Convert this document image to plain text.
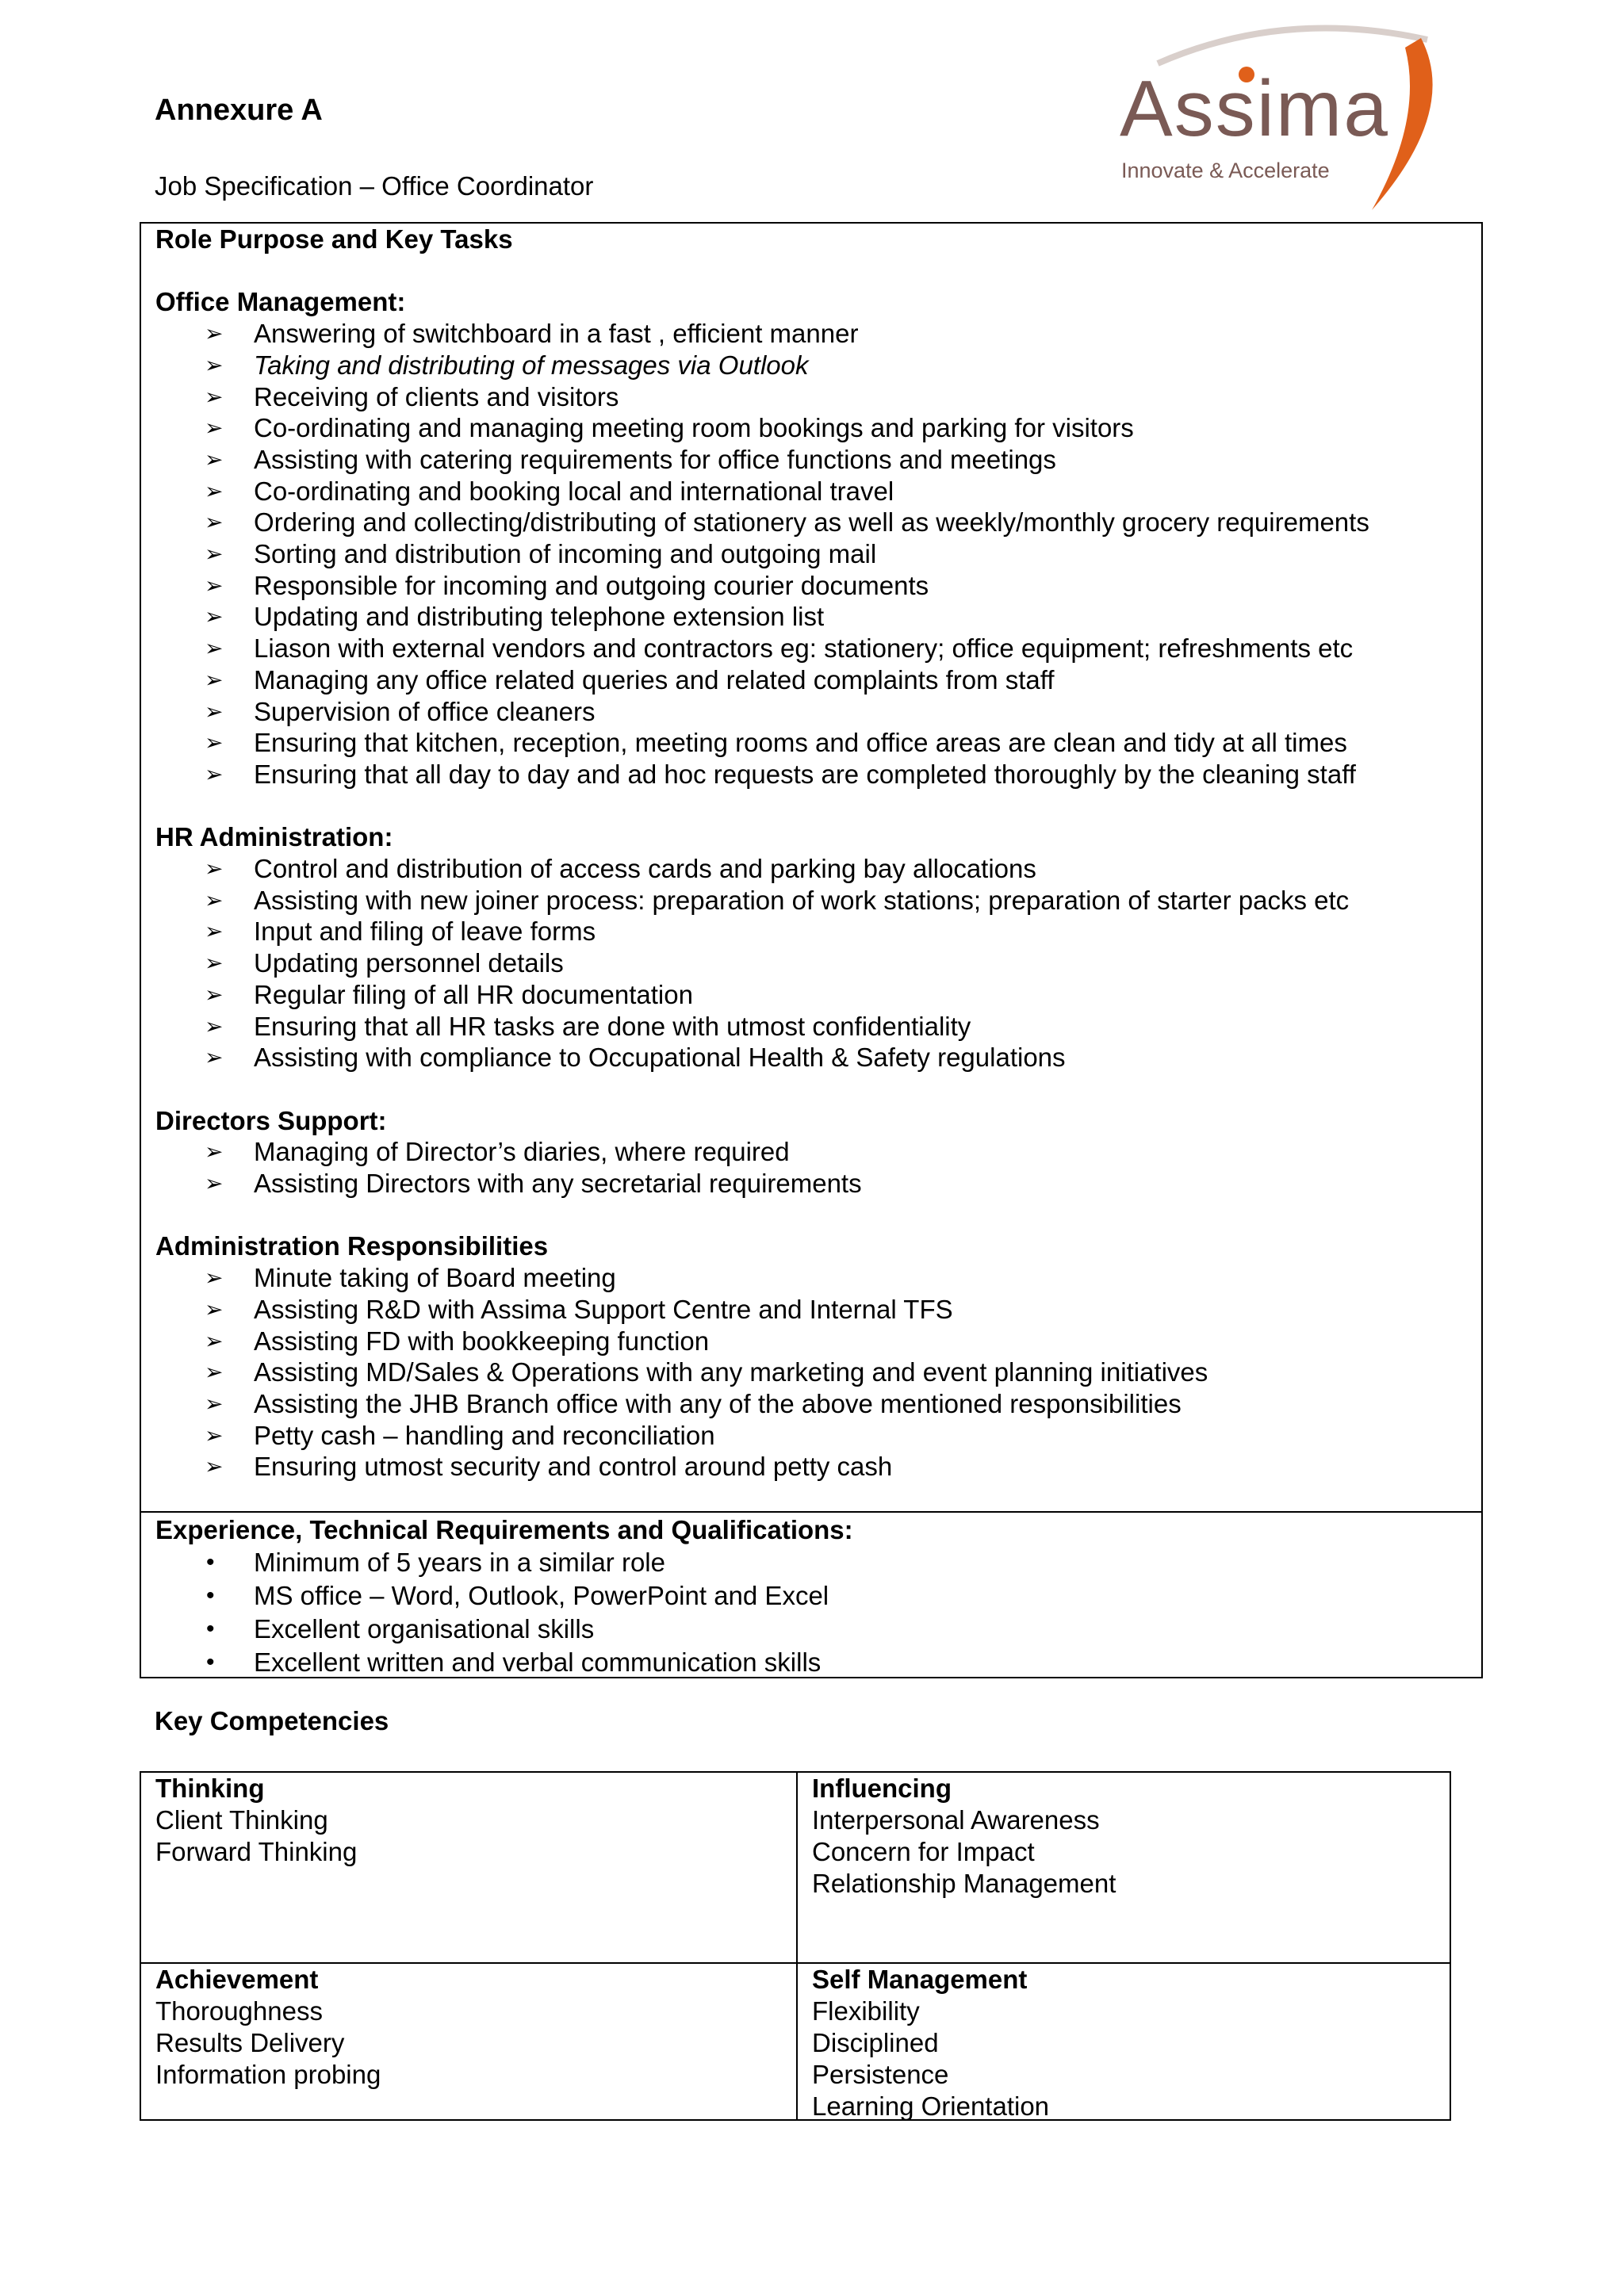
Annexure A

Job Specification – Office Coordinator

Assima
Innovate & Accelerate

Role Purpose and Key Tasks

Office Management:

➢ Answering of switchboard in a fast , efficient manner
➢ Taking and distributing of messages via Outlook
➢ Receiving of clients and visitors
➢ Co-ordinating and managing meeting room bookings and parking for visitors
➢ Assisting with catering requirements for office functions and meetings
➢ Co-ordinating and booking local and international travel
➢ Ordering and collecting/distributing of stationery as well as weekly/monthly grocery requirements
➢ Sorting and distribution of incoming and outgoing mail
➢ Responsible for incoming and outgoing courier documents
➢ Updating and distributing telephone extension list
➢ Liason with external vendors and contractors eg: stationery; office equipment; refreshments etc
➢ Managing any office related queries and related complaints from staff
➢ Supervision of office cleaners
➢ Ensuring that kitchen, reception, meeting rooms and office areas are clean and tidy at all times
➢ Ensuring that all day to day and ad hoc requests are completed thoroughly by the cleaning staff

HR Administration:

➢ Control and distribution of access cards and parking bay allocations
➢ Assisting with new joiner process: preparation of work stations; preparation of starter packs etc
➢ Input and filing of leave forms
➢ Updating personnel details
➢ Regular filing of all HR documentation
➢ Ensuring that all HR tasks are done with utmost confidentiality
➢ Assisting with compliance to Occupational Health & Safety regulations

Directors Support:

➢ Managing of Director’s diaries, where required
➢ Assisting Directors with any secretarial requirements

Administration Responsibilities

➢ Minute taking of Board meeting
➢ Assisting R&D with Assima Support Centre and Internal TFS
➢ Assisting FD with bookkeeping function
➢ Assisting MD/Sales & Operations with any marketing and event planning initiatives
➢ Assisting the JHB Branch office with any of the above mentioned responsibilities
➢ Petty cash – handling and reconciliation
➢ Ensuring utmost security and control around petty cash

Experience, Technical Requirements and Qualifications:

• Minimum of 5 years in a similar role
• MS office – Word, Outlook, PowerPoint and Excel
• Excellent organisational skills
• Excellent written and verbal communication skills

Key Competencies

Thinking
Client Thinking
Forward Thinking
Influencing
Interpersonal Awareness
Concern for Impact
Relationship Management
Achievement
Thoroughness
Results Delivery
Information probing
Self Management
Flexibility
Disciplined
Persistence
Learning Orientation
